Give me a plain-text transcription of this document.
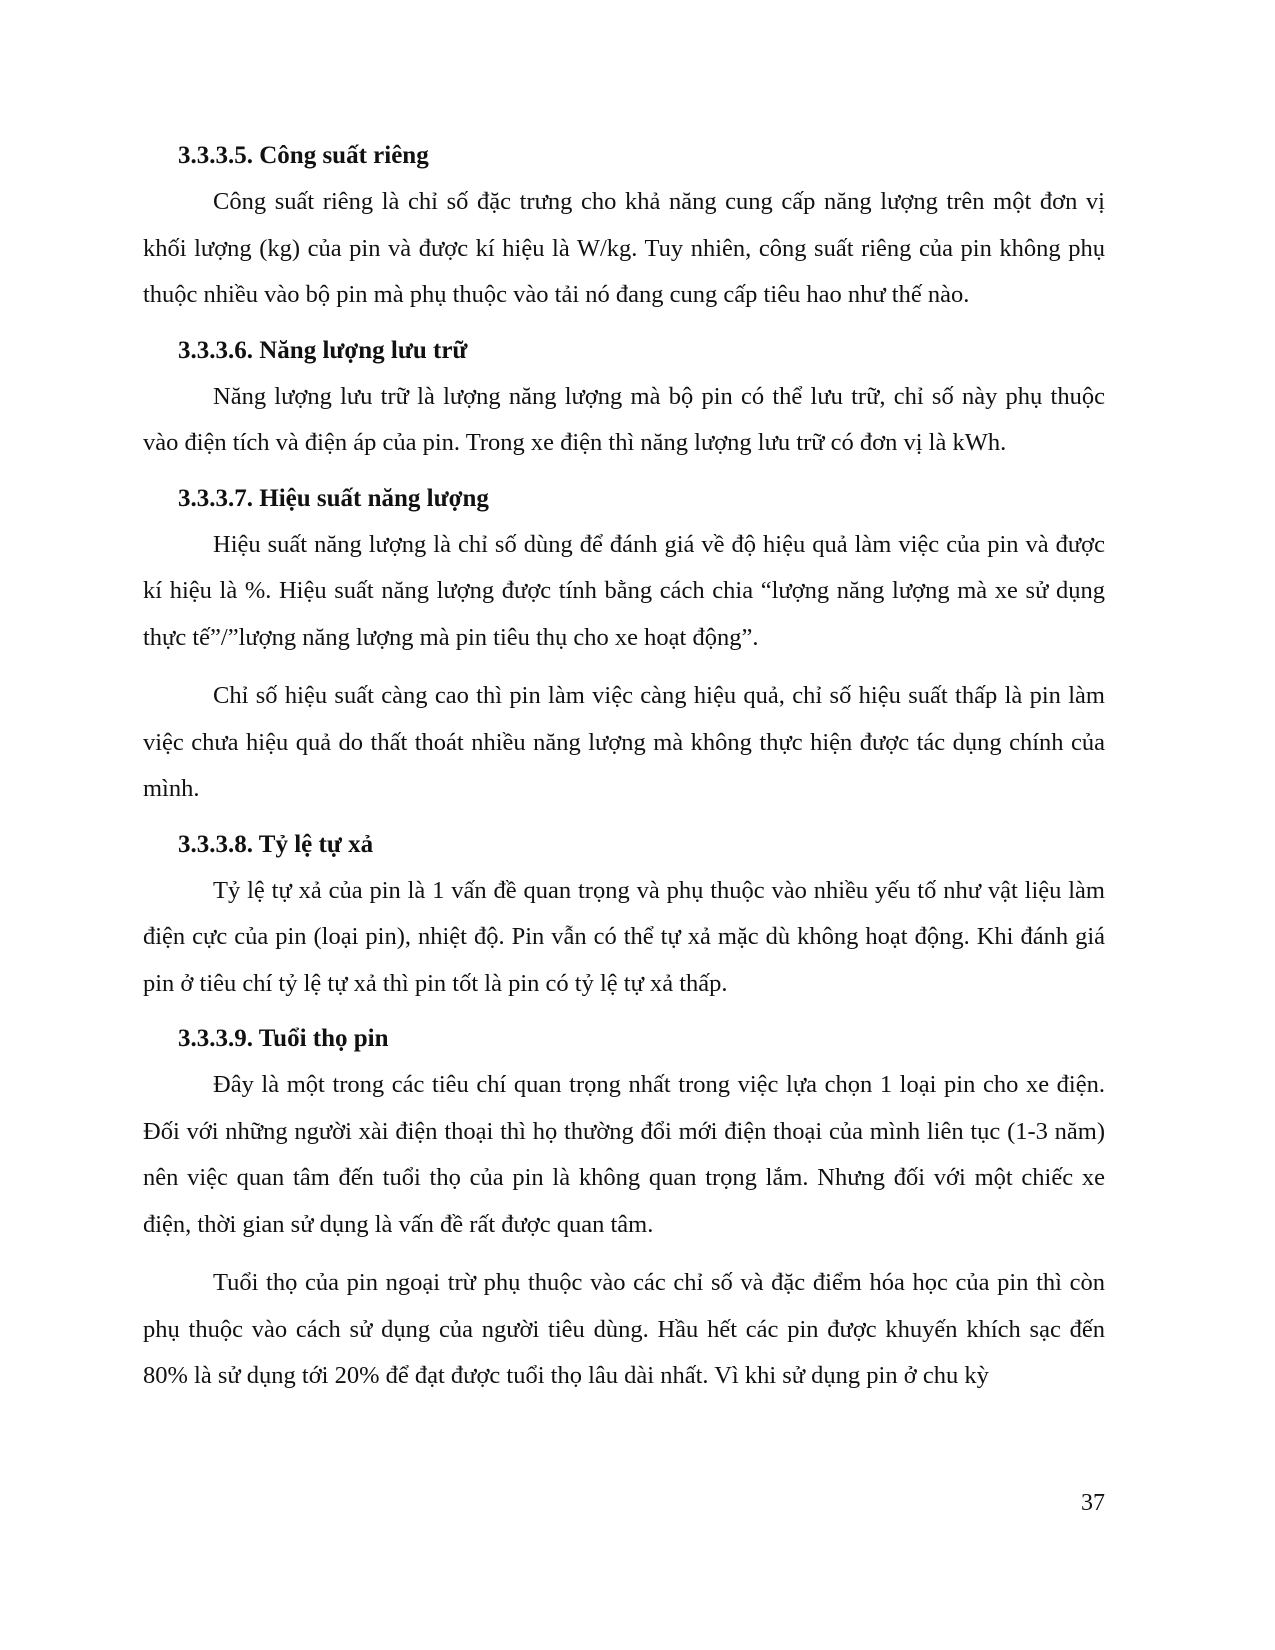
3.3.3.5. Công suất riêng

Công suất riêng là chỉ số đặc trưng cho khả năng cung cấp năng lượng trên một đơn vị khối lượng (kg) của pin và được kí hiệu là W/kg. Tuy nhiên, công suất riêng của pin không phụ thuộc nhiều vào bộ pin mà phụ thuộc vào tải nó đang cung cấp tiêu hao như thế nào.

3.3.3.6. Năng lượng lưu trữ

Năng lượng lưu trữ là lượng năng lượng mà bộ pin có thể lưu trữ, chỉ số này phụ thuộc vào điện tích và điện áp của pin. Trong xe điện thì năng lượng lưu trữ có đơn vị là kWh.

3.3.3.7. Hiệu suất năng lượng

Hiệu suất năng lượng là chỉ số dùng để đánh giá về độ hiệu quả làm việc của pin và được kí hiệu là %. Hiệu suất năng lượng được tính bằng cách chia “lượng năng lượng mà xe sử dụng thực tế”/”lượng năng lượng mà pin tiêu thụ cho xe hoạt động”.

Chỉ số hiệu suất càng cao thì pin làm việc càng hiệu quả, chỉ số hiệu suất thấp là pin làm việc chưa hiệu quả do thất thoát nhiều năng lượng mà không thực hiện được tác dụng chính của mình.

3.3.3.8. Tỷ lệ tự xả

Tỷ lệ tự xả của pin là 1 vấn đề quan trọng và phụ thuộc vào nhiều yếu tố như vật liệu làm điện cực của pin (loại pin), nhiệt độ. Pin vẫn có thể tự xả mặc dù không hoạt động. Khi đánh giá pin ở tiêu chí tỷ lệ tự xả thì pin tốt là pin có tỷ lệ tự xả thấp.

3.3.3.9. Tuổi thọ pin

Đây là một trong các tiêu chí quan trọng nhất trong việc lựa chọn 1 loại pin cho xe điện. Đối với những người xài điện thoại thì họ thường đổi mới điện thoại của mình liên tục (1-3 năm) nên việc quan tâm đến tuổi thọ của pin là không quan trọng lắm. Nhưng đối với một chiếc xe điện, thời gian sử dụng là vấn đề rất được quan tâm.

Tuổi thọ của pin ngoại trừ phụ thuộc vào các chỉ số và đặc điểm hóa học của pin thì còn phụ thuộc vào cách sử dụng của người tiêu dùng. Hầu hết các pin được khuyến khích sạc đến 80% là sử dụng tới 20% để đạt được tuổi thọ lâu dài nhất. Vì khi sử dụng pin ở chu kỳ

37
